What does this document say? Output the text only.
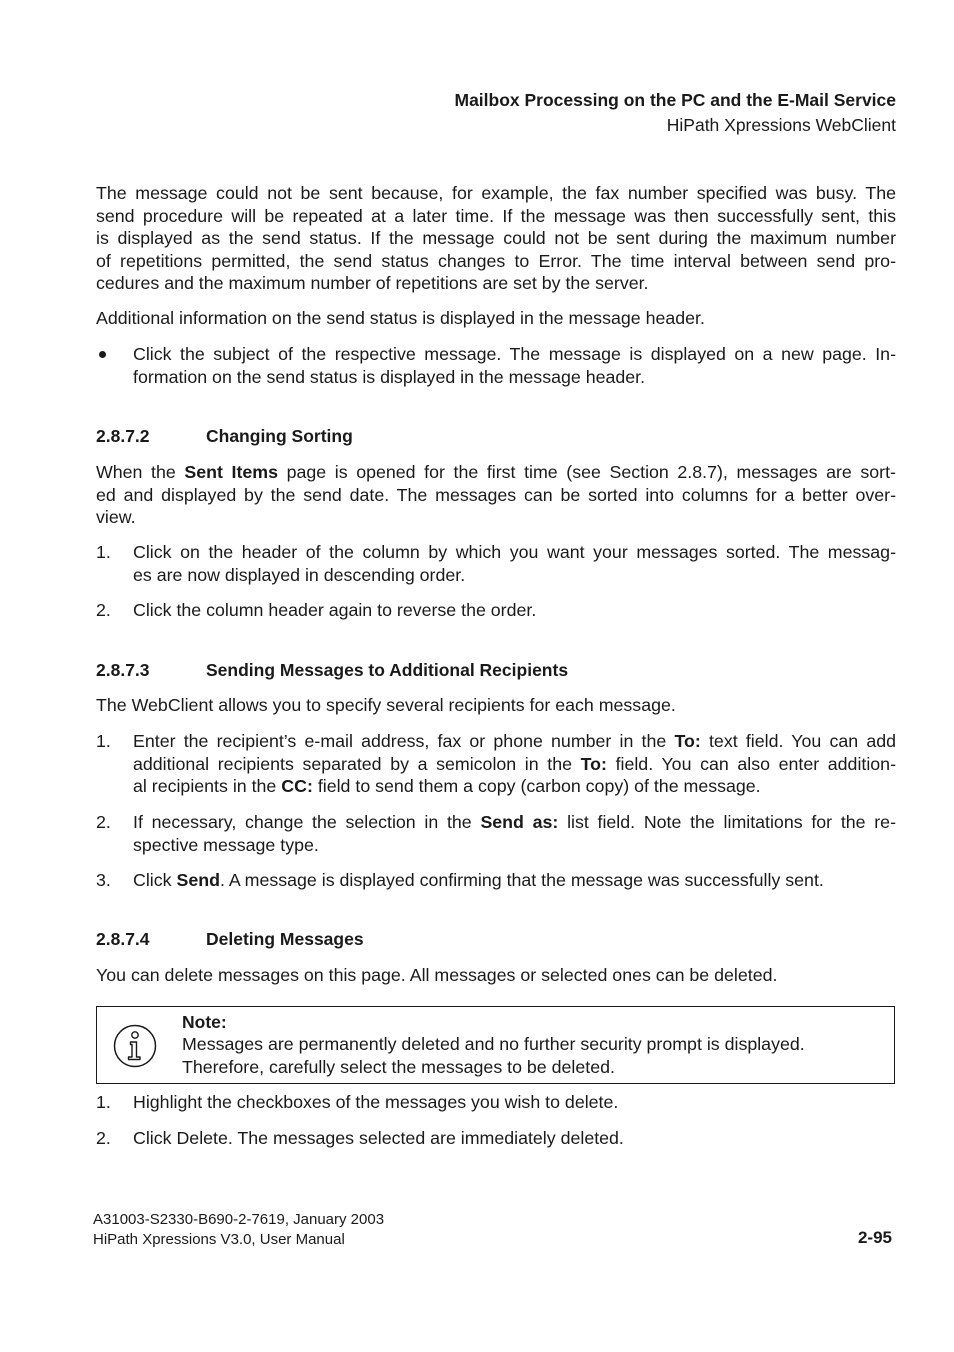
Mailbox Processing on the PC and the E-Mail Service
HiPath Xpressions WebClient
The message could not be sent because, for example, the fax number specified was busy. The
send procedure will be repeated at a later time. If the message was then successfully sent, this
is displayed as the send status. If the message could not be sent during the maximum number
of repetitions permitted, the send status changes to Error. The time interval between send pro-
cedures and the maximum number of repetitions are set by the server.
Additional information on the send status is displayed in the message header.
Click the subject of the respective message. The message is displayed on a new page. In-
formation on the send status is displayed in the message header.
2.8.7.2	Changing Sorting
When the Sent Items page is opened for the first time (see Section 2.8.7), messages are sort-
ed and displayed by the send date. The messages can be sorted into columns for a better over-
view.
1. Click on the header of the column by which you want your messages sorted. The messag-
es are now displayed in descending order.
2. Click the column header again to reverse the order.
2.8.7.3	Sending Messages to Additional Recipients
The WebClient allows you to specify several recipients for each message.
1. Enter the recipient’s e-mail address, fax or phone number in the To: text field. You can add
additional recipients separated by a semicolon in the To: field. You can also enter addition-
al recipients in the CC: field to send them a copy (carbon copy) of the message.
2. If necessary, change the selection in the Send as: list field. Note the limitations for the re-
spective message type.
3. Click Send. A message is displayed confirming that the message was successfully sent.
2.8.7.4	Deleting Messages
You can delete messages on this page. All messages or selected ones can be deleted.
Note:
Messages are permanently deleted and no further security prompt is displayed.
Therefore, carefully select the messages to be deleted.
1. Highlight the checkboxes of the messages you wish to delete.
2. Click Delete. The messages selected are immediately deleted.
A31003-S2330-B690-2-7619, January 2003
HiPath Xpressions V3.0, User Manual	2-95
